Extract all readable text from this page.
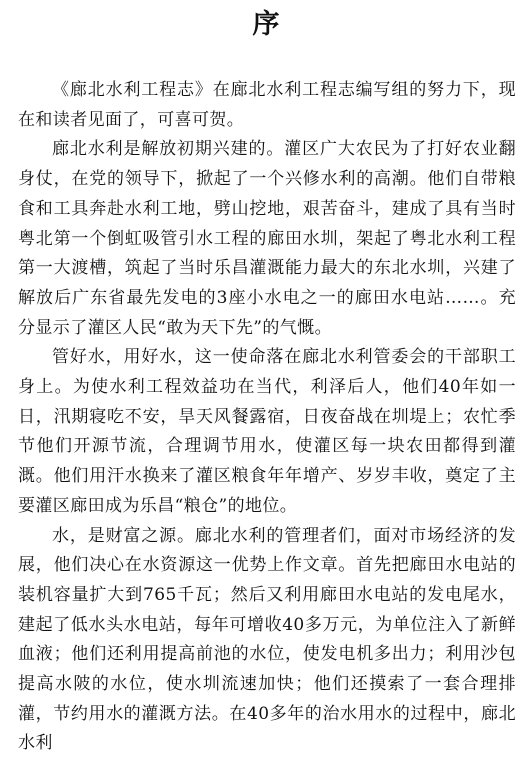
序

《廊北水利工程志》在廊北水利工程志编写组的努力下，现在和读者见面了，可喜可贺。

廊北水利是解放初期兴建的。灌区广大农民为了打好农业翻身仗，在党的领导下，掀起了一个兴修水利的高潮。他们自带粮食和工具奔赴水利工地，劈山挖地，艰苦奋斗，建成了具有当时粤北第一个倒虹吸管引水工程的廊田水圳，架起了粤北水利工程第一大渡槽，筑起了当时乐昌灌溉能力最大的东北水圳，兴建了解放后广东省最先发电的3座小水电之一的廊田水电站……。充分显示了灌区人民“敢为天下先”的气慨。

管好水，用好水，这一使命落在廊北水利管委会的干部职工身上。为使水利工程效益功在当代，利泽后人，他们40年如一日，汛期寝吃不安，旱天风餐露宿，日夜奋战在圳堤上；农忙季节他们开源节流，合理调节用水，使灌区每一块农田都得到灌溉。他们用汗水换来了灌区粮食年年增产、岁岁丰收，奠定了主要灌区廊田成为乐昌“粮仓”的地位。

水，是财富之源。廊北水利的管理者们，面对市场经济的发展，他们决心在水资源这一优势上作文章。首先把廊田水电站的装机容量扩大到765千瓦；然后又利用廊田水电站的发电尾水，建起了低水头水电站，每年可增收40多万元，为单位注入了新鲜血液；他们还利用提高前池的水位，使发电机多出力；利用沙包提高水陂的水位，使水圳流速加快；他们还摸索了一套合理排灌，节约用水的灌溉方法。在40多年的治水用水的过程中，廊北水利
